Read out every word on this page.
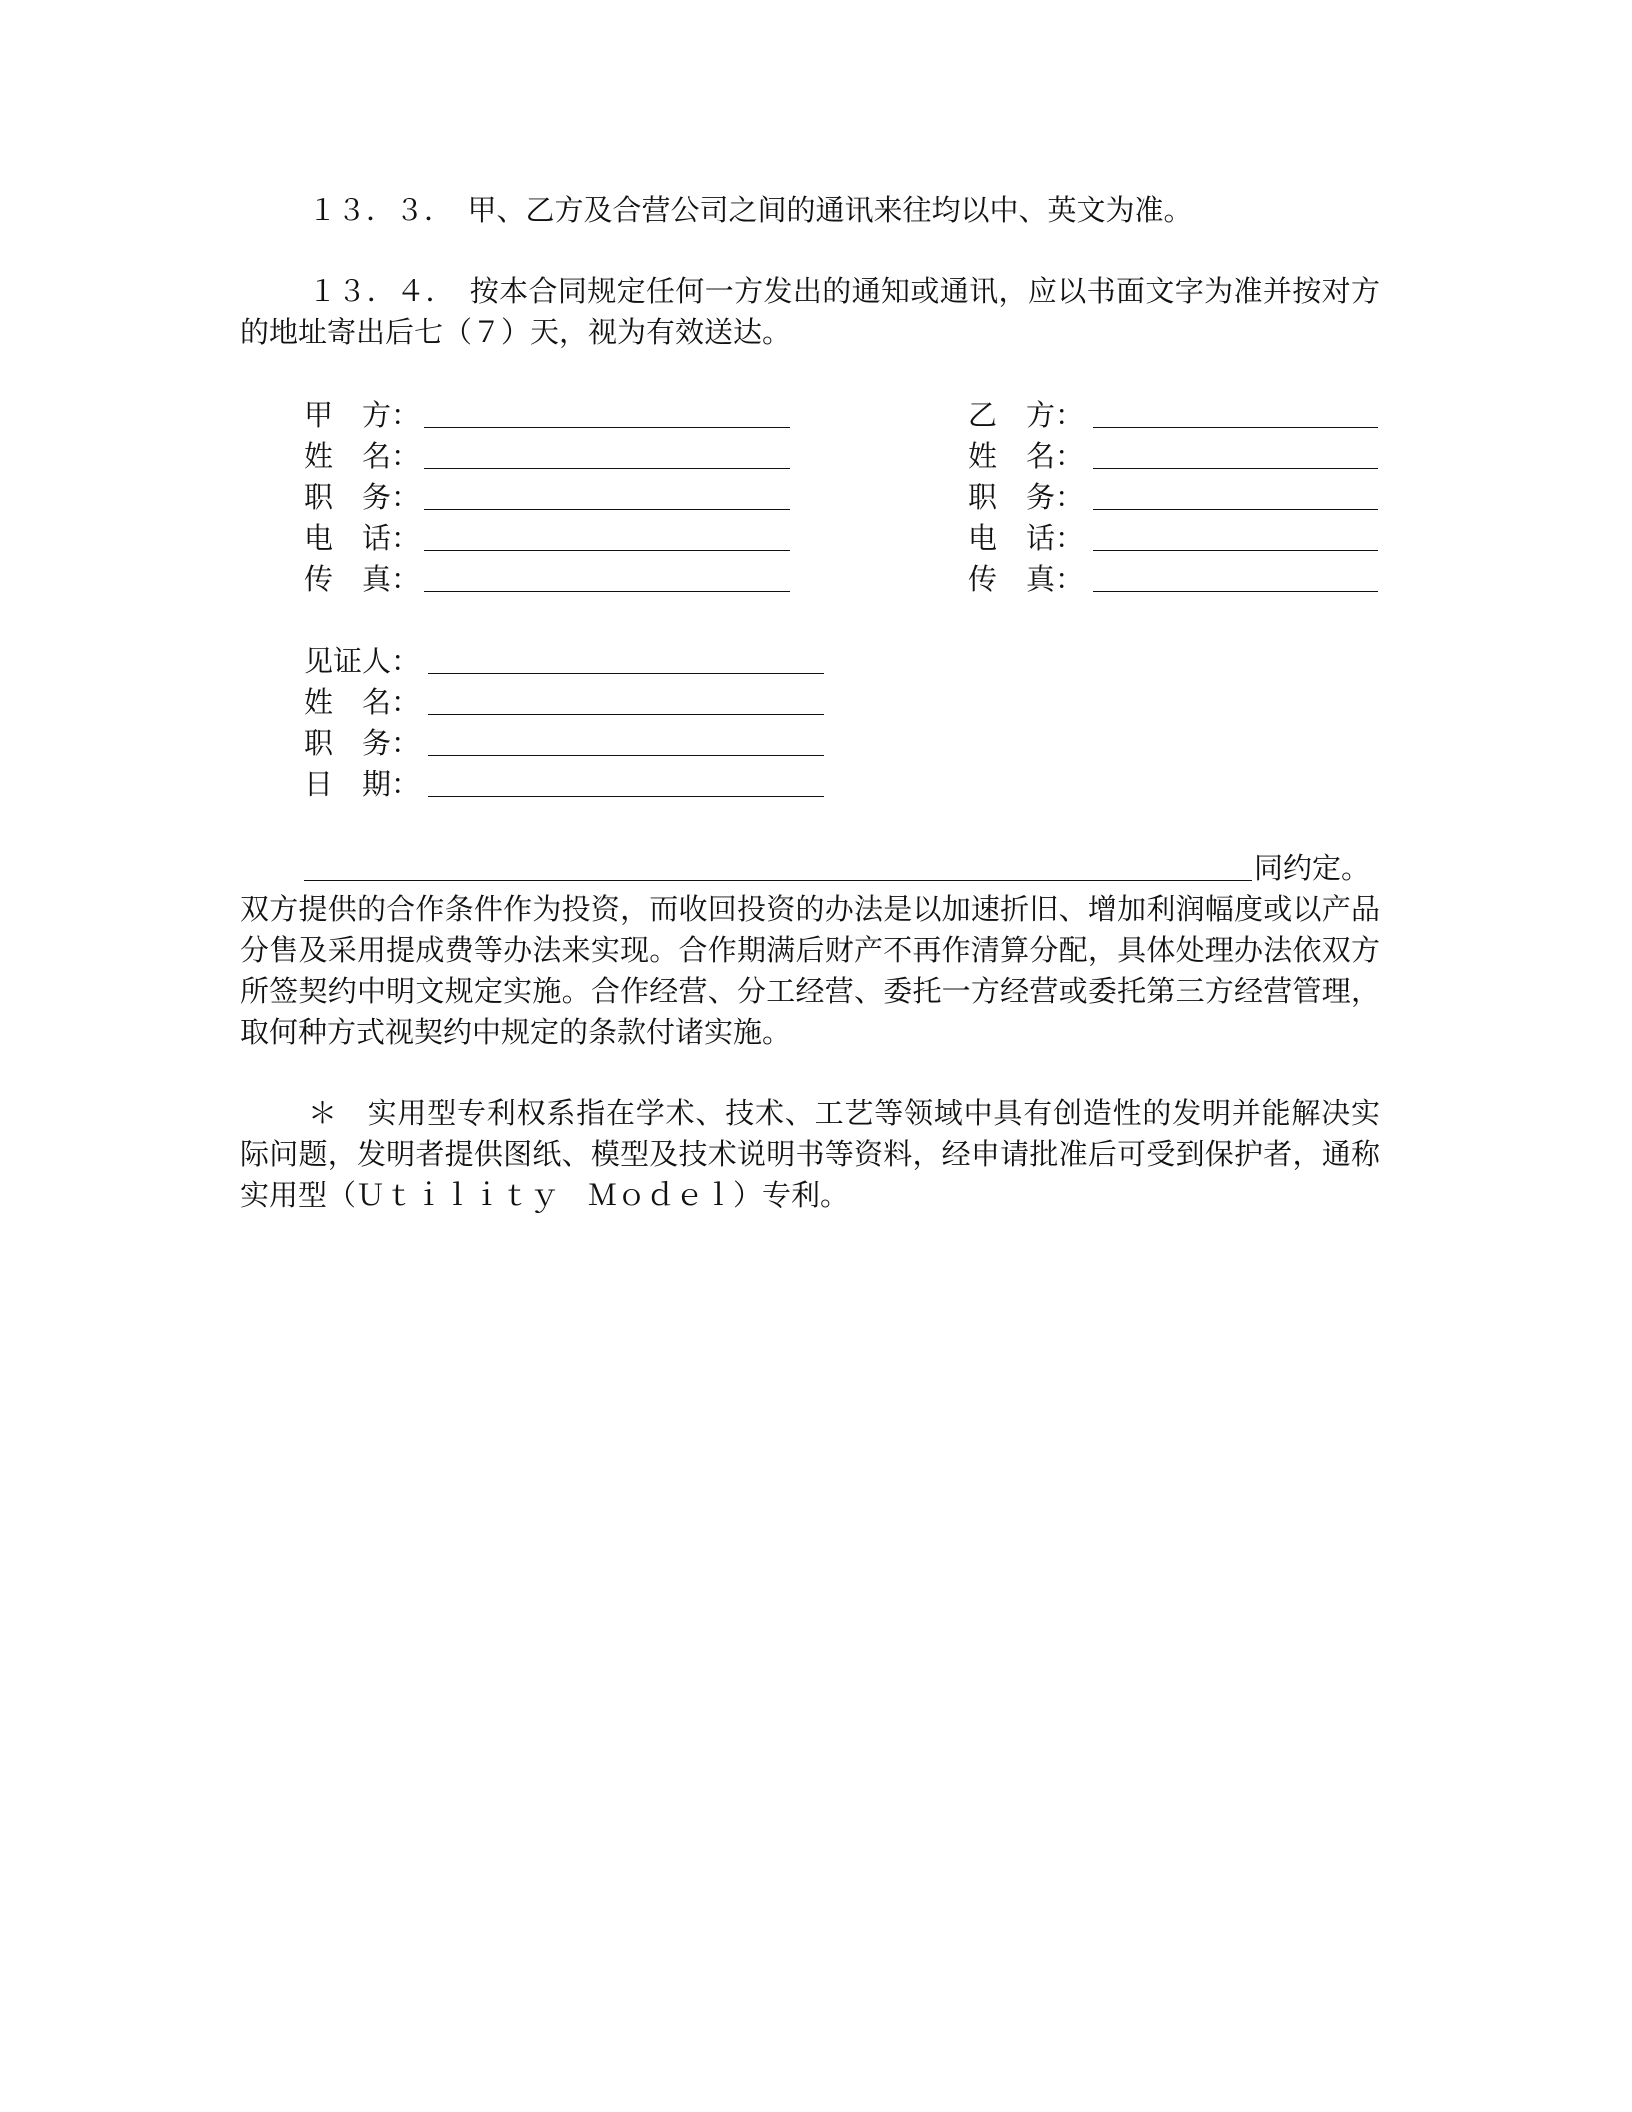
１３．３．　甲、乙方及合营公司之间的通讯来往均以中、英文为准。

１３．４．　按本合同规定任何一方发出的通知或通讯，应以书面文字为准并按对方的地址寄出后七（７）天，视为有效送达。

甲　方：
姓　名：
职　务：
电　话：
传　真：
乙　方：
姓　名：
职　务：
电　话：
传　真：
见证人：
姓　名：
职　务：
日　期：
同约定。

双方提供的合作条件作为投资，而收回投资的办法是以加速折旧、增加利润幅度或以产品分售及采用提成费等办法来实现。合作期满后财产不再作清算分配，具体处理办法依双方所签契约中明文规定实施。合作经营、分工经营、委托一方经营或委托第三方经营管理，取何种方式视契约中规定的条款付诸实施。

＊　实用型专利权系指在学术、技术、工艺等领域中具有创造性的发明并能解决实际问题，发明者提供图纸、模型及技术说明书等资料，经申请批准后可受到保护者，通称实用型（Ｕｔｉｌｉｔｙ　Ｍｏｄｅｌ）专利。
